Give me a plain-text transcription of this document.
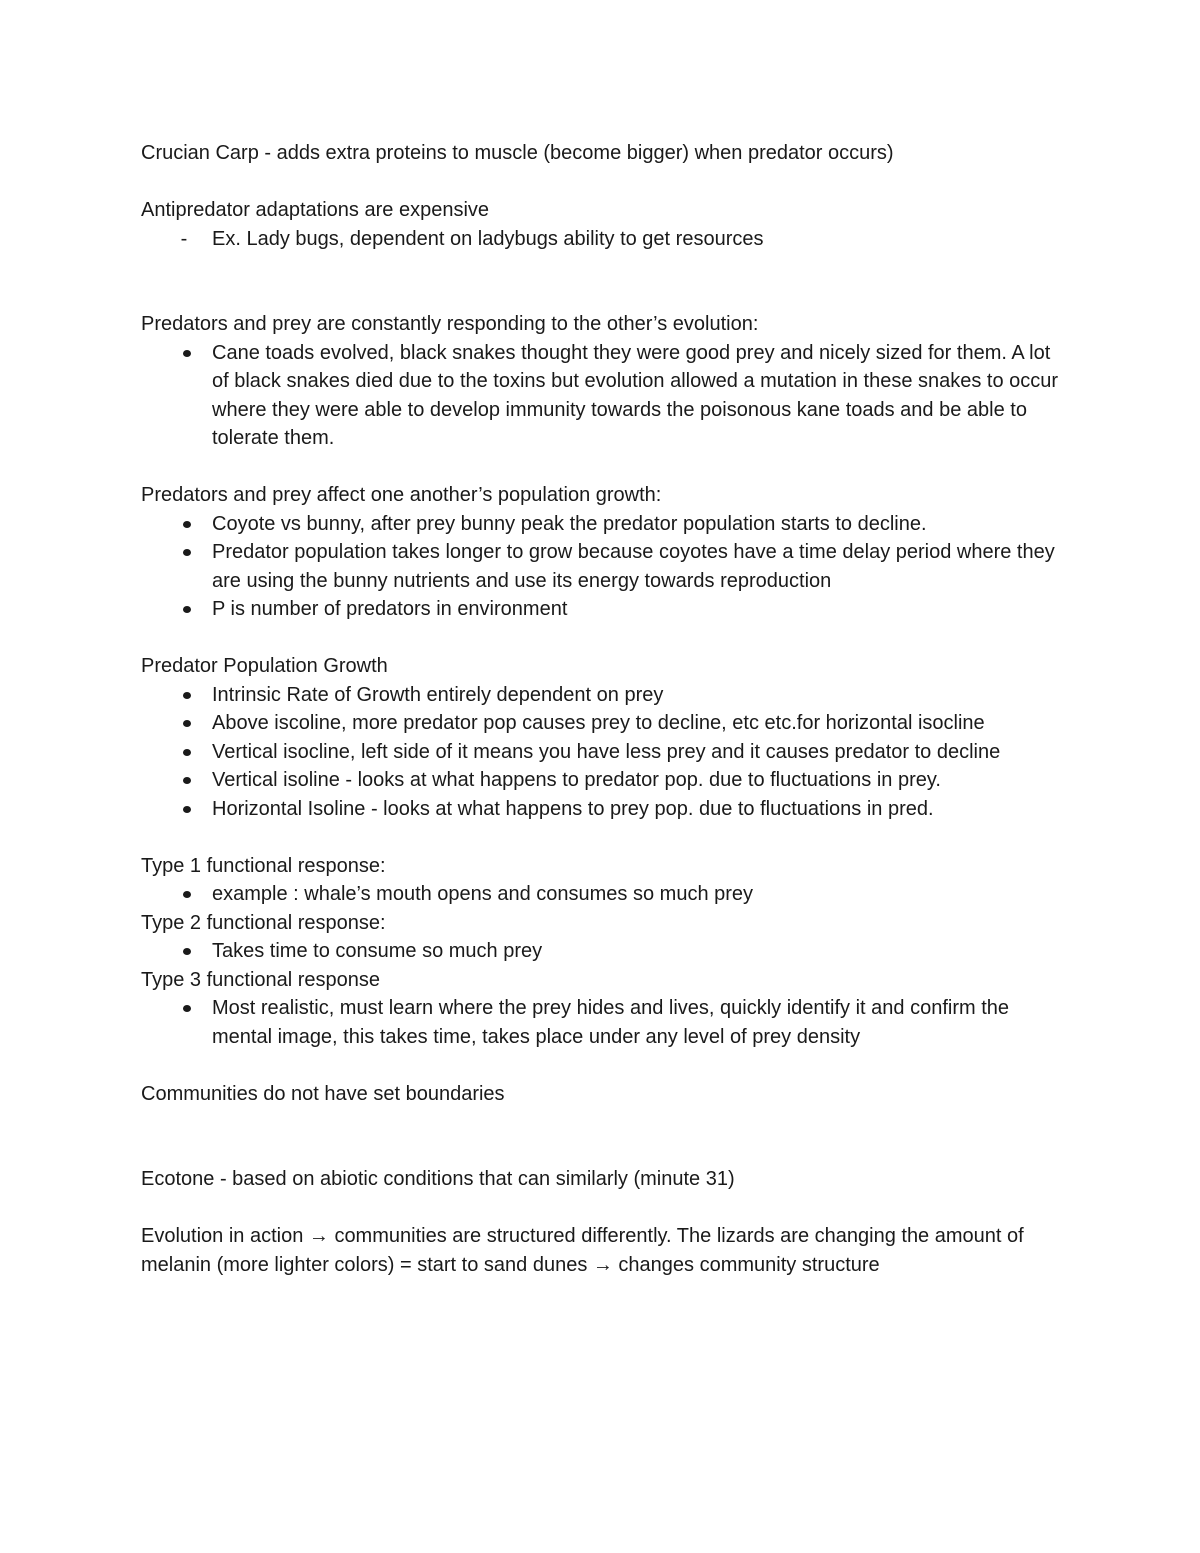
Crucian Carp - adds extra proteins to muscle (become bigger) when predator occurs)

Antipredator adaptations are expensive

-	Ex. Lady bugs, dependent on ladybugs ability to get resources

Predators and prey are constantly responding to the other’s evolution:

Cane toads evolved, black snakes thought they were good prey and nicely sized for them. A lot of black snakes died due to the toxins but evolution allowed a mutation in these snakes to occur where they were able to develop immunity towards the poisonous kane toads and be able to tolerate them.

Predators and prey affect one another’s population growth:

Coyote vs bunny, after prey bunny peak the predator population starts to decline.
Predator population takes longer to grow because coyotes have a time delay period where they are using the bunny nutrients and use its energy towards reproduction
P is number of predators in environment

Predator Population Growth

Intrinsic Rate of Growth entirely dependent on prey
Above iscoline, more predator pop causes prey to decline, etc etc.for horizontal isocline
Vertical isocline, left side of it means you have less prey and it causes predator to decline
Vertical isoline - looks at what happens to predator pop. due to fluctuations in prey.
Horizontal Isoline - looks at what happens to prey pop. due to fluctuations in pred.

Type 1 functional response:

example : whale’s mouth opens and consumes so much prey

Type 2 functional response:

Takes time to consume so much prey

Type 3 functional response

Most realistic, must learn where the prey hides and lives, quickly identify it and confirm the mental image, this takes time, takes place under any level of prey density

Communities do not have set boundaries

Ecotone - based on abiotic conditions that can similarly (minute 31)

Evolution in action → communities are structured differently. The lizards are changing the amount of melanin (more lighter colors) = start to sand dunes → changes community structure
